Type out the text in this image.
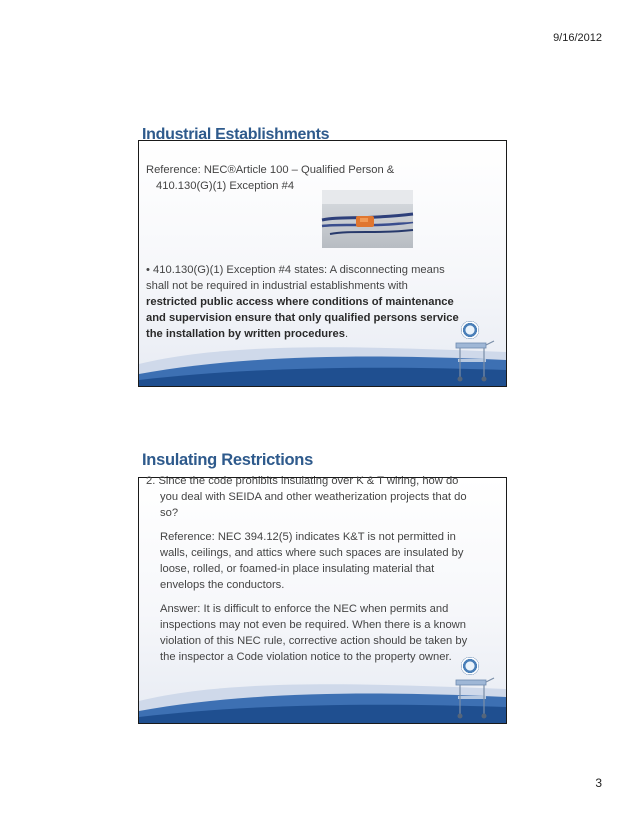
9/16/2012
Industrial Establishments
Reference: NEC®Article 100 – Qualified Person &
410.130(G)(1) Exception #4
• 410.130(G)(1) Exception #4 states: A disconnecting means
shall not be required in industrial establishments with
restricted public access where conditions of maintenance
and supervision ensure that only qualified persons service
the installation by written procedures.
Insulating Restrictions
2. Since the code prohibits insulating over K & T wiring, how do
you deal with SEIDA and other weatherization projects that do
so?
Reference: NEC 394.12(5) indicates K&T is not permitted in
walls, ceilings, and attics where such spaces are insulated by
loose, rolled, or foamed-in place insulating material that
envelops the conductors.
Answer: It is difficult to enforce the NEC when permits and
inspections may not even be required. When there is a known
violation of this NEC rule, corrective action should be taken by
the inspector a Code violation notice to the property owner.
3
